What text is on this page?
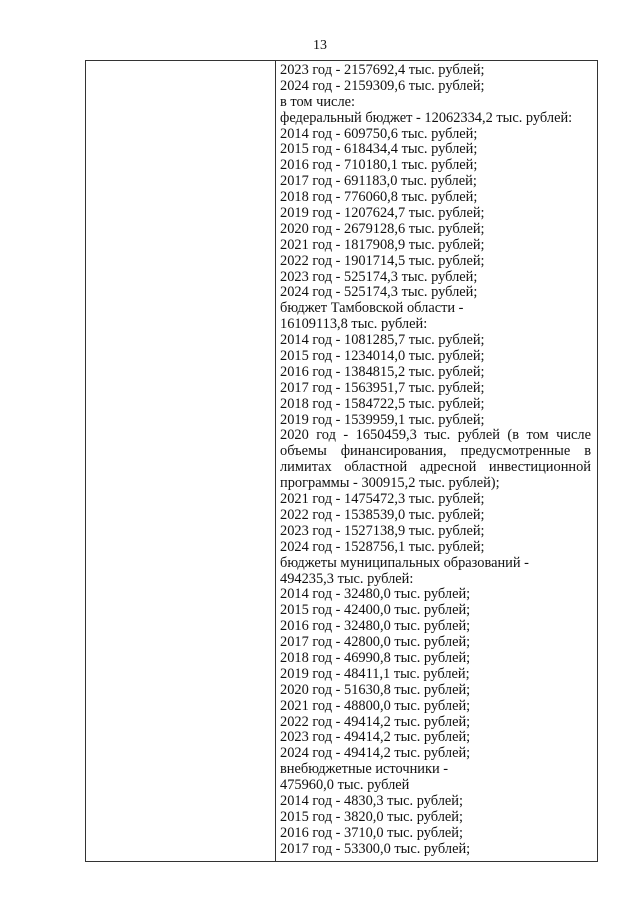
13
2023 год - 2157692,4 тыс. рублей;
2024 год - 2159309,6 тыс. рублей;
в том числе:
федеральный бюджет - 12062334,2 тыс. рублей:
2014 год - 609750,6 тыс. рублей;
2015 год - 618434,4 тыс. рублей;
2016 год - 710180,1 тыс. рублей;
2017 год - 691183,0 тыс. рублей;
2018 год - 776060,8 тыс. рублей;
2019 год - 1207624,7 тыс. рублей;
2020 год - 2679128,6 тыс. рублей;
2021 год - 1817908,9 тыс. рублей;
2022 год - 1901714,5 тыс. рублей;
2023 год - 525174,3 тыс. рублей;
2024 год - 525174,3 тыс. рублей;
бюджет Тамбовской области -
16109113,8 тыс. рублей:
2014 год - 1081285,7 тыс. рублей;
2015 год - 1234014,0 тыс. рублей;
2016 год - 1384815,2 тыс. рублей;
2017 год - 1563951,7 тыс. рублей;
2018 год - 1584722,5 тыс. рублей;
2019 год - 1539959,1 тыс. рублей;
2020 год - 1650459,3 тыс. рублей (в том числе
объемы финансирования, предусмотренные в
лимитах областной адресной инвестиционной
программы - 300915,2 тыс. рублей);
2021 год - 1475472,3 тыс. рублей;
2022 год - 1538539,0 тыс. рублей;
2023 год - 1527138,9 тыс. рублей;
2024 год - 1528756,1 тыс. рублей;
бюджеты муниципальных образований -
494235,3 тыс. рублей:
2014 год - 32480,0 тыс. рублей;
2015 год - 42400,0 тыс. рублей;
2016 год - 32480,0 тыс. рублей;
2017 год - 42800,0 тыс. рублей;
2018 год - 46990,8 тыс. рублей;
2019 год - 48411,1 тыс. рублей;
2020 год - 51630,8 тыс. рублей;
2021 год - 48800,0 тыс. рублей;
2022 год - 49414,2 тыс. рублей;
2023 год - 49414,2 тыс. рублей;
2024 год - 49414,2 тыс. рублей;
внебюджетные источники -
475960,0 тыс. рублей
2014 год - 4830,3 тыс. рублей;
2015 год - 3820,0 тыс. рублей;
2016 год - 3710,0 тыс. рублей;
2017 год - 53300,0 тыс. рублей;
